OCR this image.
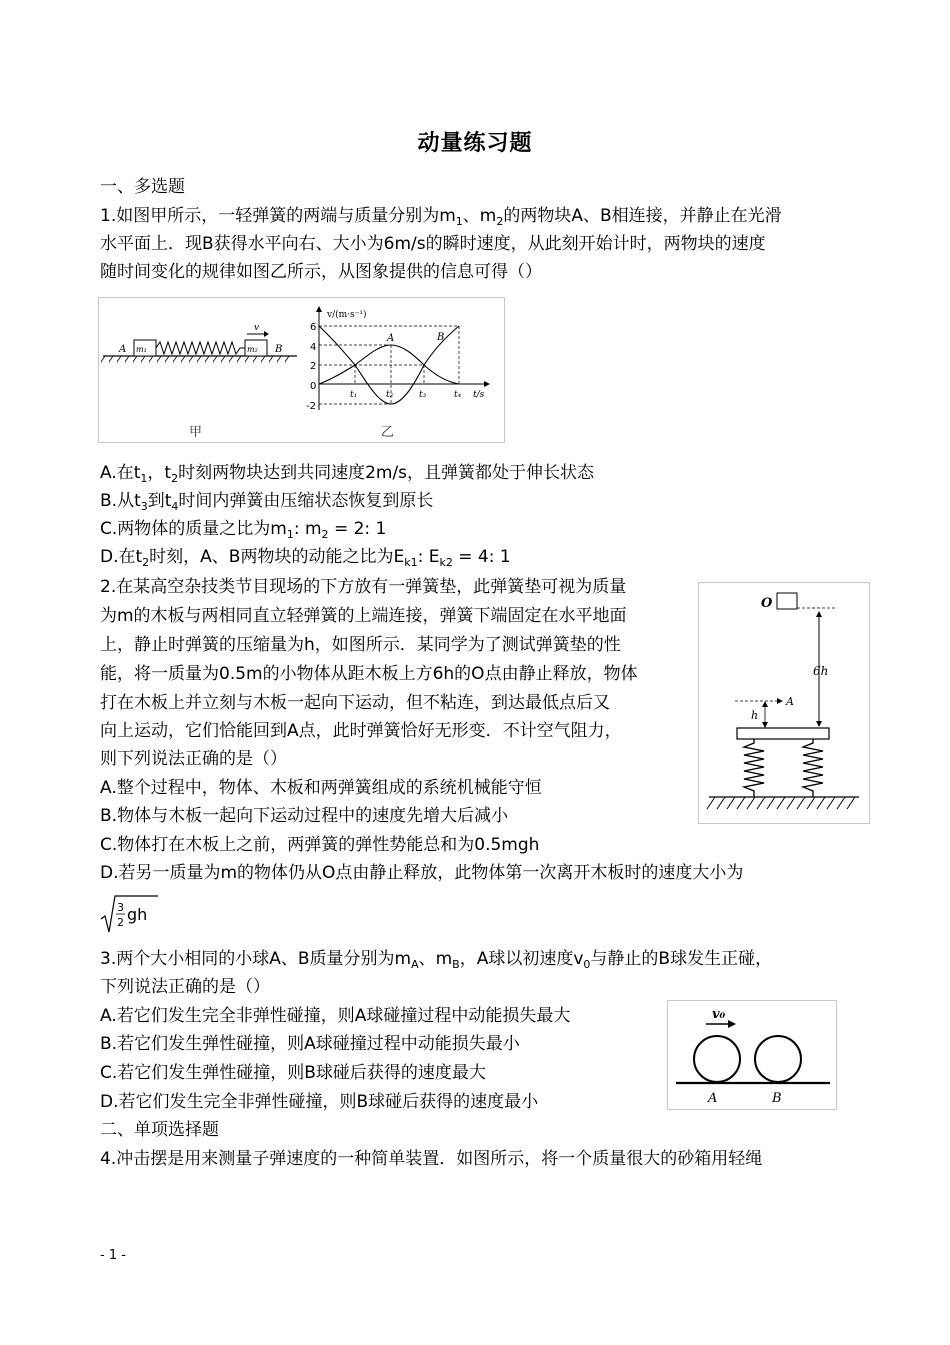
动量练习题
一、多选题
1.如图甲所示，一轻弹簧的两端与质量分别为$m_1$、$m_2$的两物块A、B相连接，并静止在光滑
水平面上．现B获得水平向右、大小为6m/s的瞬时速度，从此刻开始计时，两物块的速度
随时间变化的规律如图乙所示，从图象提供的信息可得（）
m₁
A	m₂ B
v
v/(m·s⁻¹)
t/s
6
4
2
0
-2
A	B
t₁	t₂	t₃	t₄
甲	乙
A.在$t_1$，$t_2$时刻两物块达到共同速度2m/s，且弹簧都处于伸长状态
B.从$t_3$到$t_4$时间内弹簧由压缩状态恢复到原长
C.两物体的质量之比为$m_1$: $m_2 = 2$: 1
D.在$t_2$时刻，A、B两物块的动能之比为$E_{k1}$: $E_{k2} = 4$: 1
2.在某高空杂技类节目现场的下方放有一弹簧垫，此弹簧垫可视为质量
为m的木板与两相同直立轻弹簧的上端连接，弹簧下端固定在水平地面
上，静止时弹簧的压缩量为h，如图所示．某同学为了测试弹簧垫的性
能，将一质量为0.5m的小物体从距木板上方6h的O点由静止释放，物体
打在木板上并立刻与木板一起向下运动，但不粘连，到达最低点后又
向上运动，它们恰能回到A点，此时弹簧恰好无形变．不计空气阻力，
则下列说法正确的是（）
A.整个过程中，物体、木板和两弹簧组成的系统机械能守恒
B.物体与木板一起向下运动过程中的速度先增大后减小
C.物体打在木板上之前，两弹簧的弹性势能总和为0.5mgh
D.若另一质量为m的物体仍从O点由静止释放，此物体第一次离开木板时的速度大小为
3
2 gh
O
6h
A
h
3.两个大小相同的小球A、B质量分别为$m_A$、$m_B$，A球以初速度$v_0$与静止的B球发生正碰，
下列说法正确的是（）
A.若它们发生完全非弹性碰撞，则A球碰撞过程中动能损失最大
B.若它们发生弹性碰撞，则A球碰撞过程中动能损失最小
C.若它们发生弹性碰撞，则B球碰后获得的速度最大
D.若它们发生完全非弹性碰撞，则B球碰后获得的速度最小
v₀
A	B
二、单项选择题
4.冲击摆是用来测量子弹速度的一种简单装置．如图所示，将一个质量很大的砂箱用轻绳
- 1 -
